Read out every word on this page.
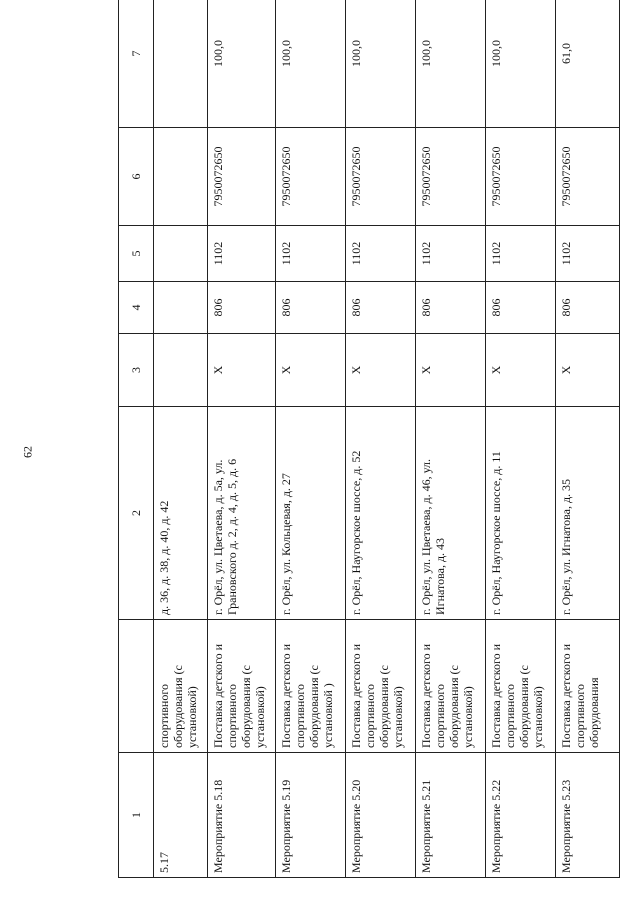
62
1		2	3	4	5	6	7
5.17	спортивного оборудования (с установкой)	д. 36, д. 38, д. 40, д. 42					
Мероприятие 5.18	Поставка детского и спортивного оборудования (с установкой)	г. Орёл, ул. Цветаева, д. 5а, ул. Грановского д. 2, д. 4, д. 5, д. 6	X	806	1102	7950072650	100,0
Мероприятие 5.19	Поставка детского и спортивного оборудования (с установкой )	г. Орёл, ул. Кольцевая, д. 27	X	806	1102	7950072650	100,0
Мероприятие 5.20	Поставка детского и спортивного оборудования (с установкой)	г. Орёл, Наугорское шоссе, д. 52	X	806	1102	7950072650	100,0
Мероприятие 5.21	Поставка детского и спортивного оборудования (с установкой)	г. Орёл, ул. Цветаева, д. 46, ул. Игнатова, д. 43	X	806	1102	7950072650	100,0
Мероприятие 5.22	Поставка детского и спортивного оборудования (с установкой)	г. Орёл, Наугорское шоссе, д. 11	X	806	1102	7950072650	100,0
Мероприятие 5.23	Поставка детского и спортивного оборудования	г. Орёл, ул. Игнатова, д. 35	X	806	1102	7950072650	61,0
